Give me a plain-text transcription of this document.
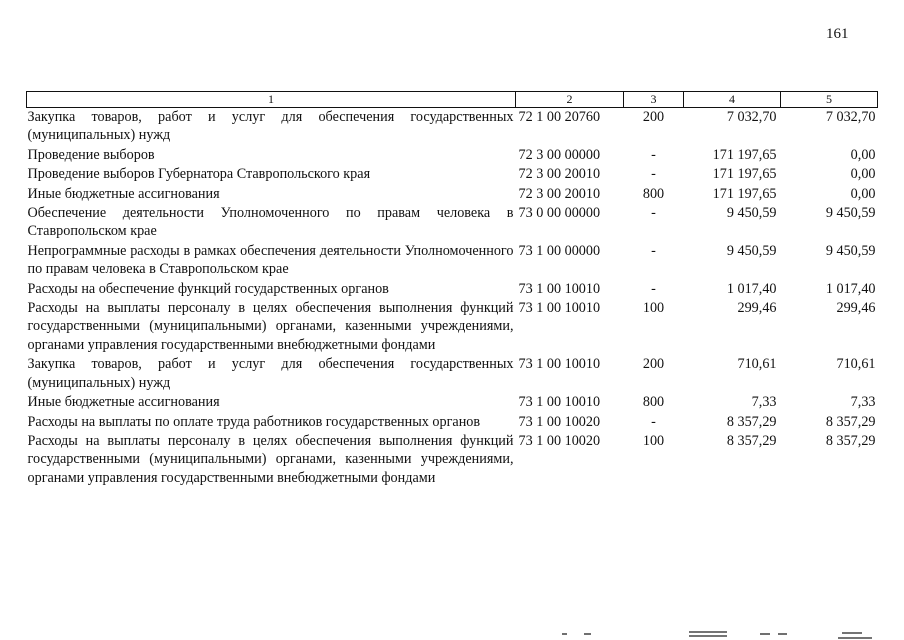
161
1	2	3	4	5
Закупка товаров, работ и услуг для обеспечения государственных (муниципальных) нужд	72 1 00 20760	200	7 032,70	7 032,70
Проведение выборов	72 3 00 00000	-	171 197,65	0,00
Проведение выборов Губернатора Ставропольского края	72 3 00 20010	-	171 197,65	0,00
Иные бюджетные ассигнования	72 3 00 20010	800	171 197,65	0,00
Обеспечение деятельности Уполномоченного по правам человека в Ставропольском крае	73 0 00 00000	-	9 450,59	9 450,59
Непрограммные расходы в рамках обеспечения деятельности Уполномоченного по правам человека в Ставропольском крае	73 1 00 00000	-	9 450,59	9 450,59
Расходы на обеспечение функций государственных органов	73 1 00 10010	-	1 017,40	1 017,40
Расходы на выплаты персоналу в целях обеспечения выполнения функций государственными (муниципальными) органами, казенными учреждениями, органами управления государственными внебюджетными фондами	73 1 00 10010	100	299,46	299,46
Закупка товаров, работ и услуг для обеспечения государственных (муниципальных) нужд	73 1 00 10010	200	710,61	710,61
Иные бюджетные ассигнования	73 1 00 10010	800	7,33	7,33
Расходы на выплаты по оплате труда работников государственных органов	73 1 00 10020	-	8 357,29	8 357,29
Расходы на выплаты персоналу в целях обеспечения выполнения функций государственными (муниципальными) органами, казенными учреждениями, органами управления государственными внебюджетными фондами	73 1 00 10020	100	8 357,29	8 357,29
